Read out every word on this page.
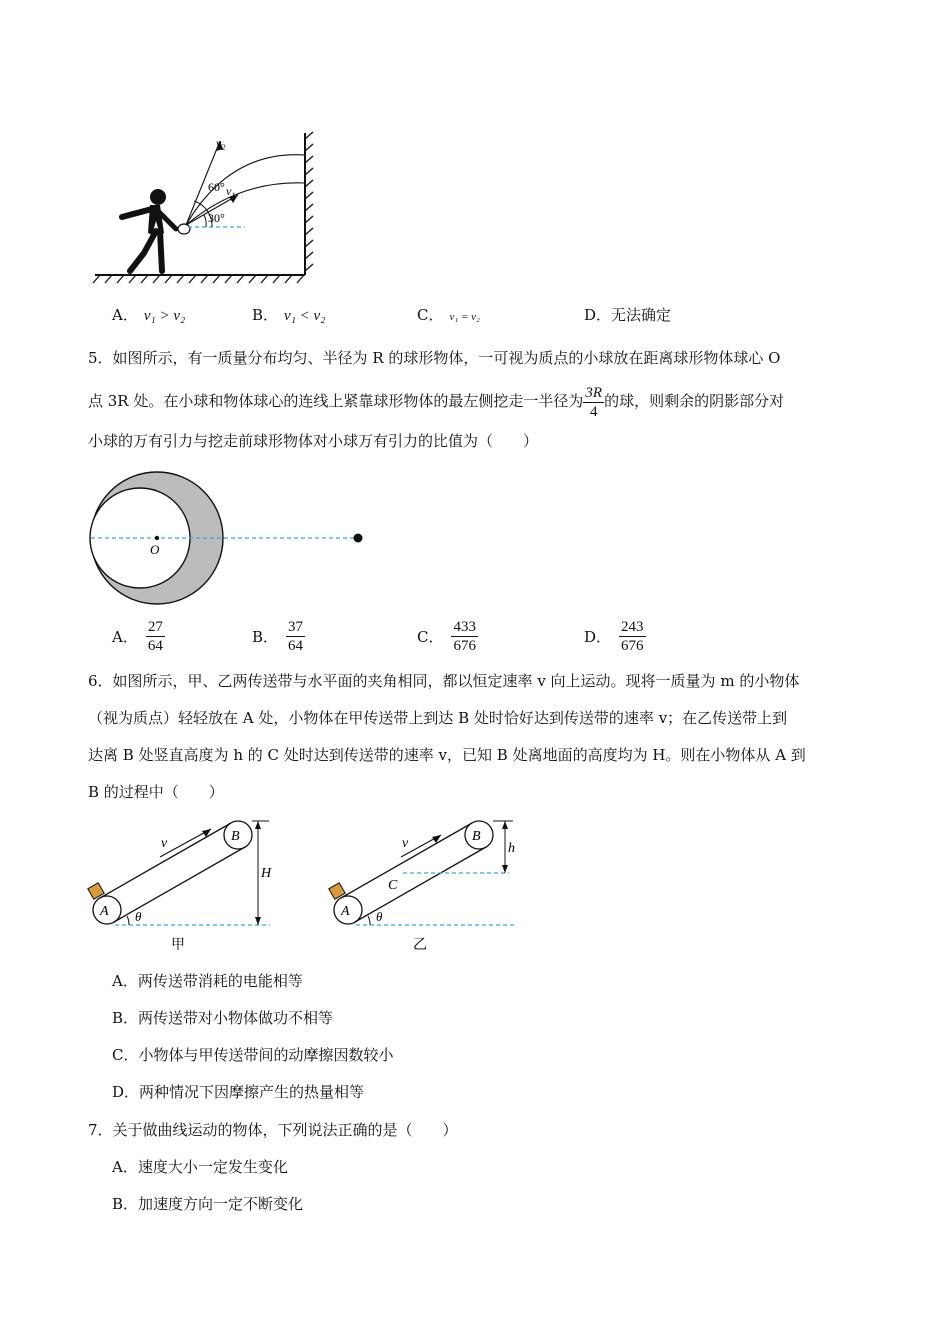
$v_2$
60° $v_1$
30°
A． v₁ > v₂	B． v₁ < v₂	C． v₁ = v₂	D．无法确定
5．如图所示，有一质量分布均匀、半径为 R 的球形物体，一可视为质点的小球放在距离球形物体球心 O
点 3R 处。在小球和物体球心的连线上紧靠球形物体的最左侧挖走一半径为 $\frac{3R}{4}$ 的球，则剩余的阴影部分对
小球的万有引力与挖走前球形物体对小球万有引力的比值为（　　）
O
A． $\frac{27}{64}$	B． $\frac{37}{64}$	C． $\frac{433}{676}$	D． $\frac{243}{676}$
6．如图所示，甲、乙两传送带与水平面的夹角相同，都以恒定速率 v 向上运动。现将一质量为 m 的小物体
（视为质点）轻轻放在 A 处，小物体在甲传送带上到达 B 处时恰好达到传送带的速率 v；在乙传送带上到
达离 B 处竖直高度为 h 的 C 处时达到传送带的速率 v，已知 B 处离地面的高度均为 H。则在小物体从 A 到
B 的过程中（　　）
A
B
v
H
θ
甲
A
B
C
v	h
θ
乙
A．两传送带消耗的电能相等
B．两传送带对小物体做功不相等
C．小物体与甲传送带间的动摩擦因数较小
D．两种情况下因摩擦产生的热量相等
7．关于做曲线运动的物体，下列说法正确的是（　　）
A．速度大小一定发生变化
B．加速度方向一定不断变化
